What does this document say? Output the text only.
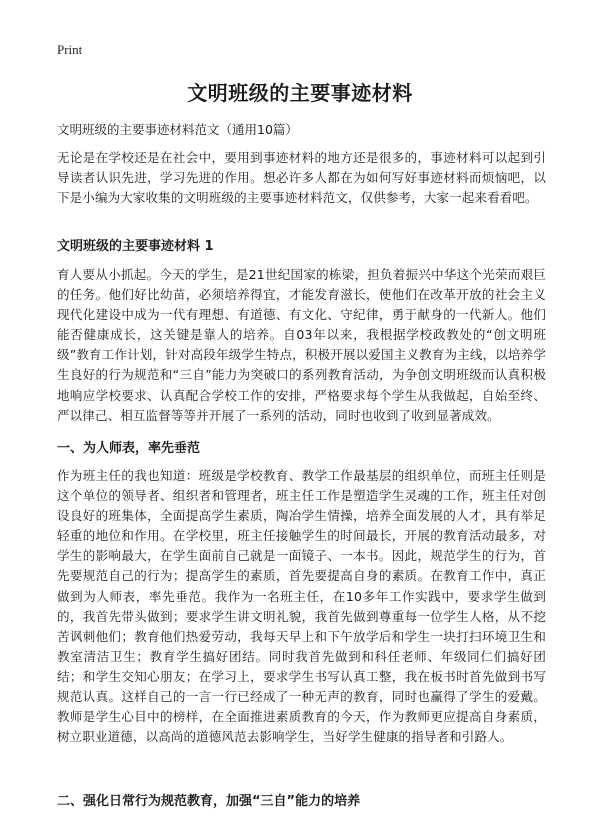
Print
文明班级的主要事迹材料

文明班级的主要事迹材料范文（通用10篇）

无论是在学校还是在社会中，要用到事迹材料的地方还是很多的，事迹材料可以起到引导读者认识先进，学习先进的作用。想必许多人都在为如何写好事迹材料而烦恼吧，以下是小编为大家收集的文明班级的主要事迹材料范文，仅供参考，大家一起来看看吧。

文明班级的主要事迹材料 1

育人要从小抓起。今天的学生，是21世纪国家的栋梁，担负着振兴中华这个光荣而艰巨的任务。他们好比幼苗，必须培养得宜，才能发育滋长，使他们在改革开放的社会主义现代化建设中成为一代有理想、有道德、有文化、守纪律，勇于献身的一代新人。他们能否健康成长，这关键是靠人的培养。自03年以来，我根据学校政教处的“创文明班级”教育工作计划，针对高段年级学生特点，积极开展以爱国主义教育为主线，以培养学生良好的行为规范和“三自”能力为突破口的系列教育活动，为争创文明班级而认真积极地响应学校要求、认真配合学校工作的安排，严格要求每个学生从我做起，自始至终、严以律己、相互监督等等并开展了一系列的活动，同时也收到了收到显著成效。

一、为人师表，率先垂范

作为班主任的我也知道：班级是学校教育、教学工作最基层的组织单位，而班主任则是这个单位的领导者、组织者和管理者，班主任工作是塑造学生灵魂的工作，班主任对创设良好的班集体，全面提高学生素质，陶冶学生情操，培养全面发展的人才，具有举足轻重的地位和作用。在学校里，班主任接触学生的时间最长，开展的教育活动最多，对学生的影响最大，在学生面前自己就是一面镜子、一本书。因此，规范学生的行为，首先要规范自己的行为；提高学生的素质，首先要提高自身的素质。在教育工作中，真正做到为人师表，率先垂范。我作为一名班主任，在10多年工作实践中，要求学生做到的，我首先带头做到；要求学生讲文明礼貌，我首先做到尊重每一位学生人格，从不挖苦讽刺他们；教育他们热爱劳动，我每天早上和下午放学后和学生一块打扫环境卫生和教室清洁卫生；教育学生搞好团结。同时我首先做到和科任老师、年级同仁们搞好团结；和学生交知心朋友；在学习上，要求学生书写认真工整，我在板书时首先做到书写规范认真。这样自己的一言一行已经成了一种无声的教育，同时也赢得了学生的爱戴。教师是学生心目中的榜样，在全面推进素质教育的今天，作为教师更应提高自身素质，树立职业道德，以高尚的道德风范去影响学生，当好学生健康的指导者和引路人。

二、强化日常行为规范教育，加强“三自”能力的培养
